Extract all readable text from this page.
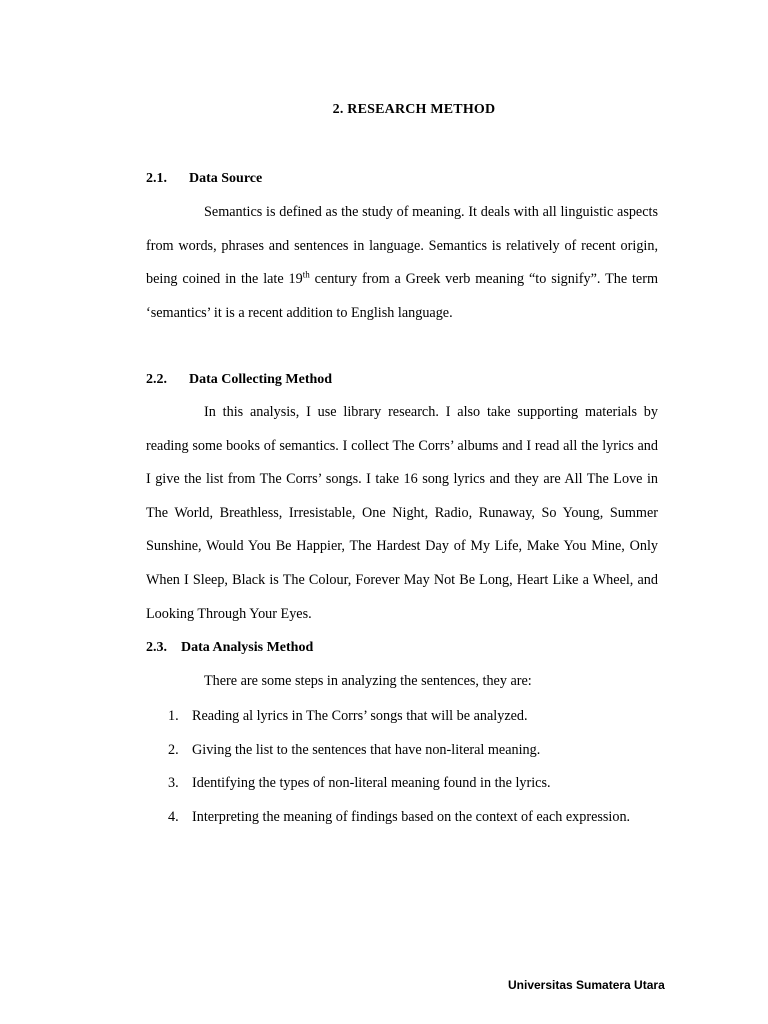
2. RESEARCH METHOD
2.1. Data Source

Semantics is defined as the study of meaning. It deals with all linguistic aspects from words, phrases and sentences in language. Semantics is relatively of recent origin, being coined in the late 19th century from a Greek verb meaning “to signify”. The term ‘semantics’ it is a recent addition to English language.

2.2. Data Collecting Method

In this analysis, I use library research. I also take supporting materials by reading some books of semantics. I collect The Corrs’ albums and I read all the lyrics and I give the list from The Corrs’ songs. I take 16 song lyrics and they are All The Love in The World, Breathless, Irresistable, One Night, Radio, Runaway, So Young, Summer Sunshine, Would You Be Happier, The Hardest Day of My Life, Make You Mine, Only When I Sleep, Black is The Colour, Forever May Not Be Long, Heart Like a Wheel, and Looking Through Your Eyes.

2.3. Data Analysis Method

There are some steps in analyzing the sentences, they are:

1. Reading al lyrics in The Corrs’ songs that will be analyzed.
2. Giving the list to the sentences that have non-literal meaning.
3. Identifying the types of non-literal meaning found in the lyrics.
4. Interpreting the meaning of findings based on the context of each expression.
Universitas Sumatera Utara
